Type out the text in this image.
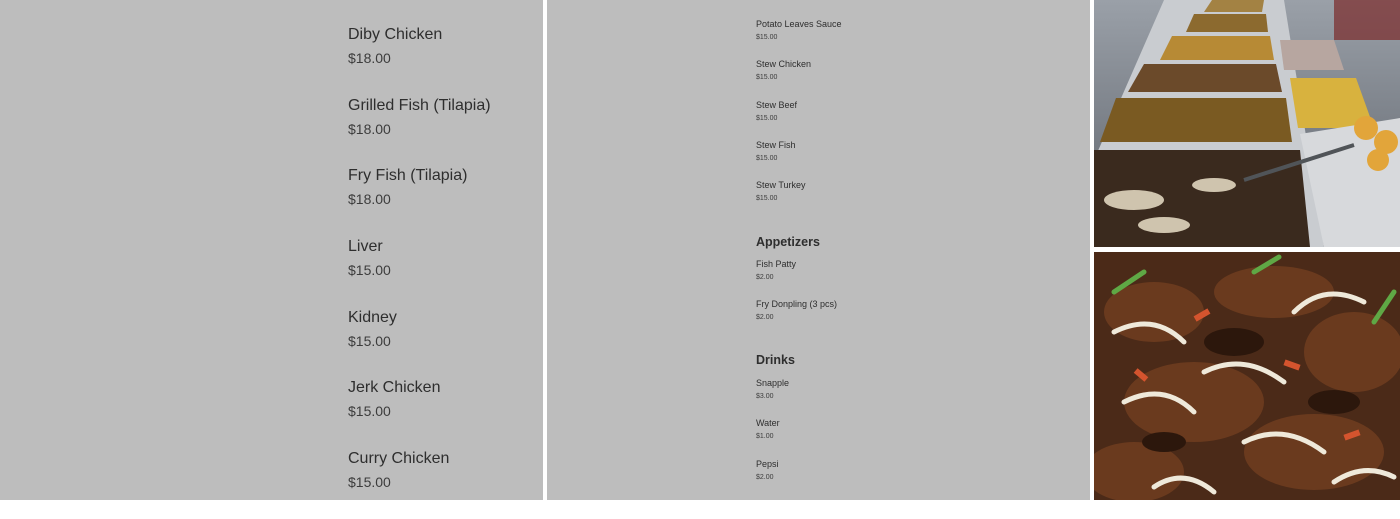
Diby Chicken
$18.00
Grilled Fish (Tilapia)
$18.00
Fry Fish (Tilapia)
$18.00
Liver
$15.00
Kidney
$15.00
Jerk Chicken
$15.00
Curry Chicken
$15.00
Potato Leaves Sauce
$15.00
Stew Chicken
$15.00
Stew Beef
$15.00
Stew Fish
$15.00
Stew Turkey
$15.00
Appetizers
Fish Patty
$2.00
Fry Donpling (3 pcs)
$2.00
Drinks
Snapple
$3.00
Water
$1.00
Pepsi
$2.00
